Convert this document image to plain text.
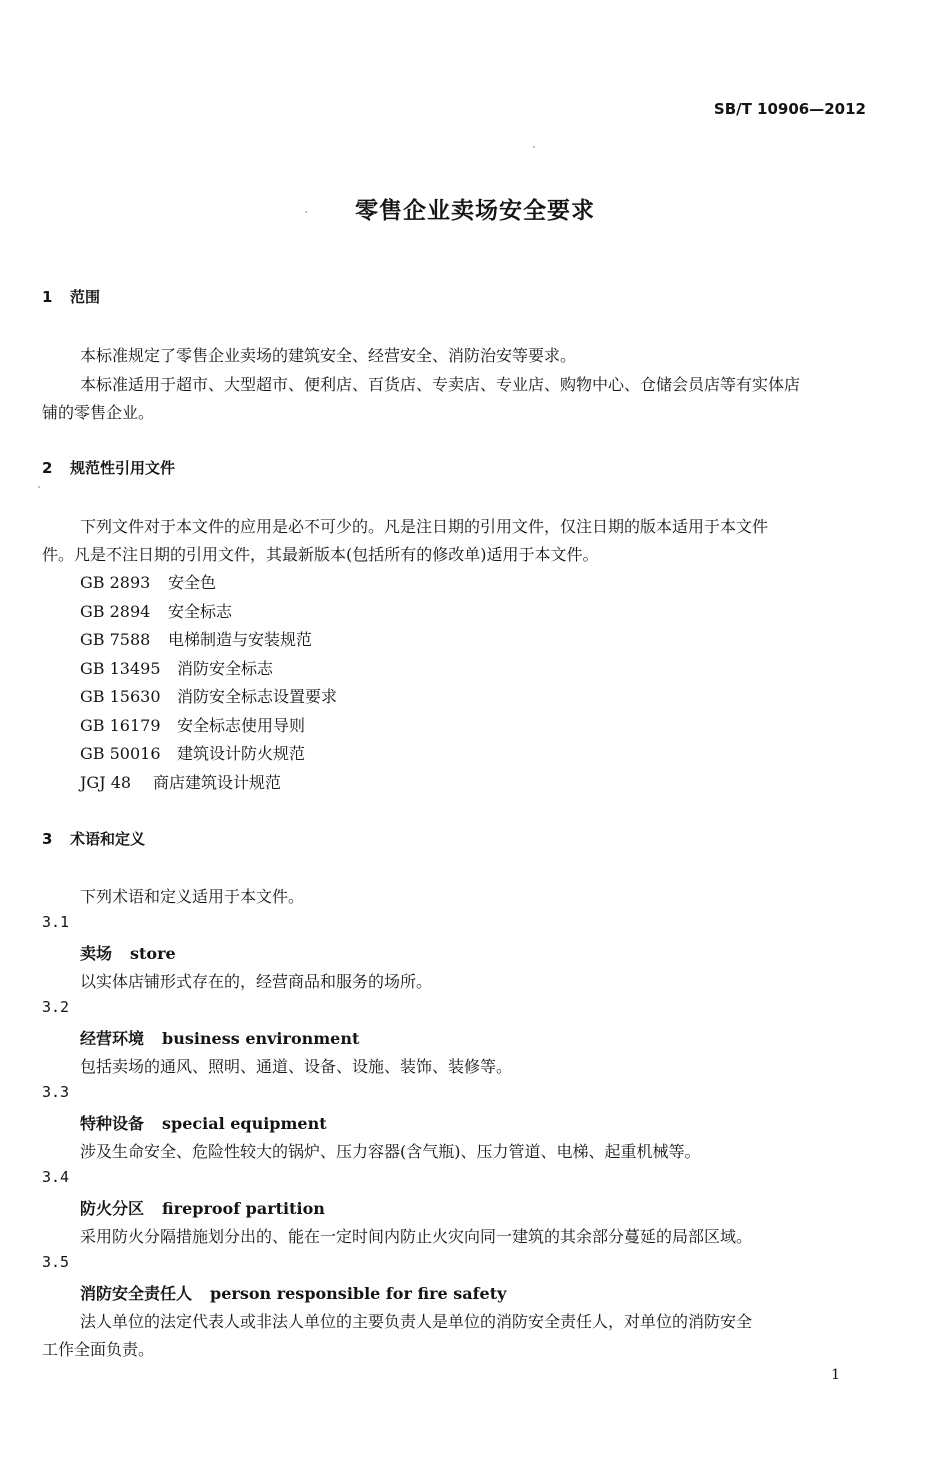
SB/T 10906—2012
零售企业卖场安全要求
1 范围
本标准规定了零售企业卖场的建筑安全、经营安全、消防治安等要求。
本标准适用于超市、大型超市、便利店、百货店、专卖店、专业店、购物中心、仓储会员店等有实体店
铺的零售企业。
2 规范性引用文件
下列文件对于本文件的应用是必不可少的。凡是注日期的引用文件，仅注日期的版本适用于本文件
件。凡是不注日期的引用文件，其最新版本(包括所有的修改单)适用于本文件。
GB 2893 安全色
GB 2894 安全标志
GB 7588 电梯制造与安装规范
GB 13495 消防安全标志
GB 15630 消防安全标志设置要求
GB 16179 安全标志使用导则
GB 50016 建筑设计防火规范
JGJ 48 商店建筑设计规范
3 术语和定义
下列术语和定义适用于本文件。
3.1
卖场 store
以实体店铺形式存在的，经营商品和服务的场所。
3.2
经营环境 business environment
包括卖场的通风、照明、通道、设备、设施、装饰、装修等。
3.3
特种设备 special equipment
涉及生命安全、危险性较大的锅炉、压力容器(含气瓶)、压力管道、电梯、起重机械等。
3.4
防火分区 fireproof partition
采用防火分隔措施划分出的、能在一定时间内防止火灾向同一建筑的其余部分蔓延的局部区域。
3.5
消防安全责任人 person responsible for fire safety
法人单位的法定代表人或非法人单位的主要负责人是单位的消防安全责任人，对单位的消防安全
工作全面负责。
1
